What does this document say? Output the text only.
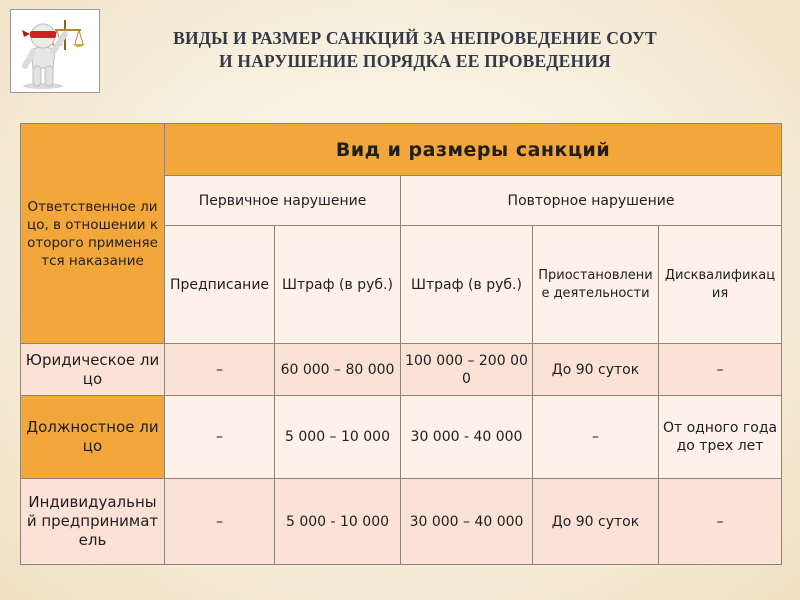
ВИДЫ И РАЗМЕР САНКЦИЙ ЗА НЕПРОВЕДЕНИЕ СОУТ
И НАРУШЕНИЕ ПОРЯДКА ЕЕ ПРОВЕДЕНИЯ
Ответственное лицо, в отношении которого применяется наказание	Вид и размеры санкций				
	Первичное нарушение		Повторное нарушение		
	Предписание	Штраф (в руб.)	Штраф (в руб.)	Приостановление деятельности	Дисквалификация
Юридическое лицо	–	60 000 – 80 000	100 000 – 200 000	До 90 суток	–
Должностное лицо	–	5 000 – 10 000	30 000 - 40 000	–	От одного года до трех лет
Индивидуальный предприниматель	–	5 000 - 10 000	30 000 – 40 000	До 90 суток	–
